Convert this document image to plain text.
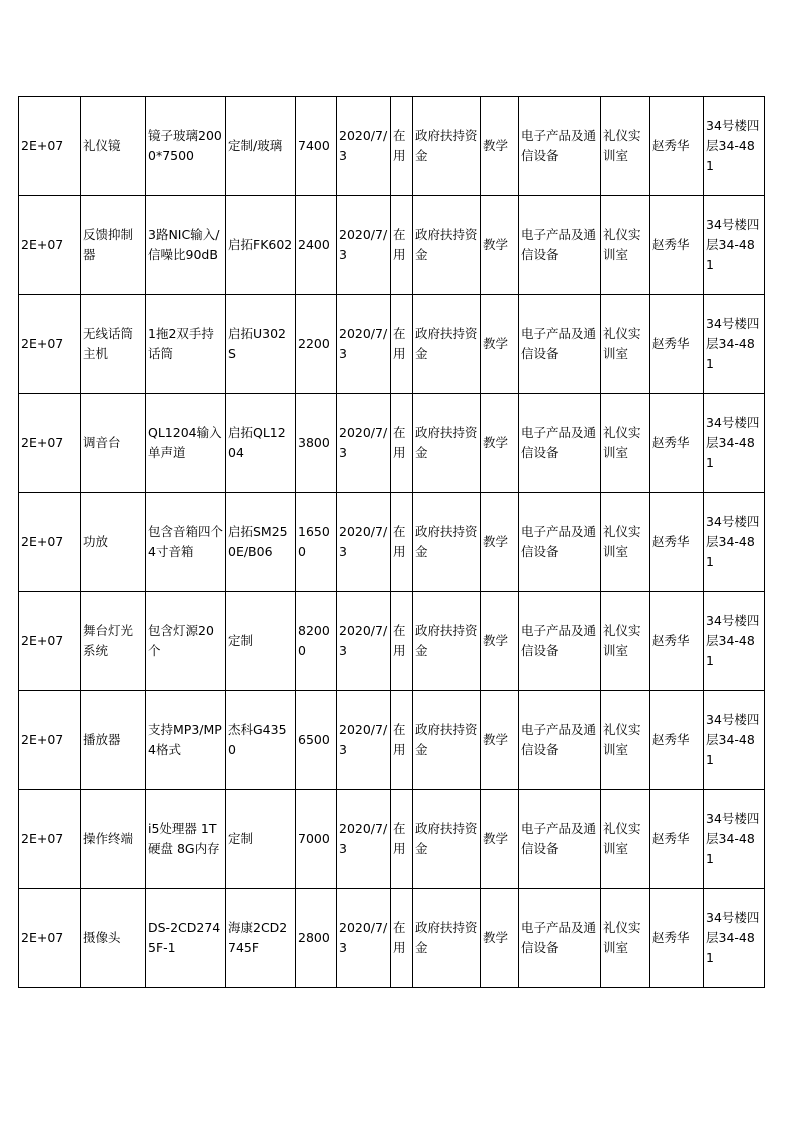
2E+07	礼仪镜	镜子玻璃2000*7500	定制/玻璃	7400	2020/7/3	在用	政府扶持资金	教学	电子产品及通信设备	礼仪实训室	赵秀华	34号楼四层34-481
2E+07	反馈抑制器	3路NIC输入/信噪比90dB	启拓FK602	2400	2020/7/3	在用	政府扶持资金	教学	电子产品及通信设备	礼仪实训室	赵秀华	34号楼四层34-481
2E+07	无线话筒主机	1拖2双手持话筒	启拓U302S	2200	2020/7/3	在用	政府扶持资金	教学	电子产品及通信设备	礼仪实训室	赵秀华	34号楼四层34-481
2E+07	调音台	QL1204输入单声道	启拓QL1204	3800	2020/7/3	在用	政府扶持资金	教学	电子产品及通信设备	礼仪实训室	赵秀华	34号楼四层34-481
2E+07	功放	包含音箱四个4寸音箱	启拓SM250E/B06	16500	2020/7/3	在用	政府扶持资金	教学	电子产品及通信设备	礼仪实训室	赵秀华	34号楼四层34-481
2E+07	舞台灯光系统	包含灯源20个	定制	82000	2020/7/3	在用	政府扶持资金	教学	电子产品及通信设备	礼仪实训室	赵秀华	34号楼四层34-481
2E+07	播放器	支持MP3/MP4格式	杰科G4350	6500	2020/7/3	在用	政府扶持资金	教学	电子产品及通信设备	礼仪实训室	赵秀华	34号楼四层34-481
2E+07	操作终端	i5处理器 1T硬盘 8G内存	定制	7000	2020/7/3	在用	政府扶持资金	教学	电子产品及通信设备	礼仪实训室	赵秀华	34号楼四层34-481
2E+07	摄像头	DS-2CD2745F-1	海康2CD2745F	2800	2020/7/3	在用	政府扶持资金	教学	电子产品及通信设备	礼仪实训室	赵秀华	34号楼四层34-481
